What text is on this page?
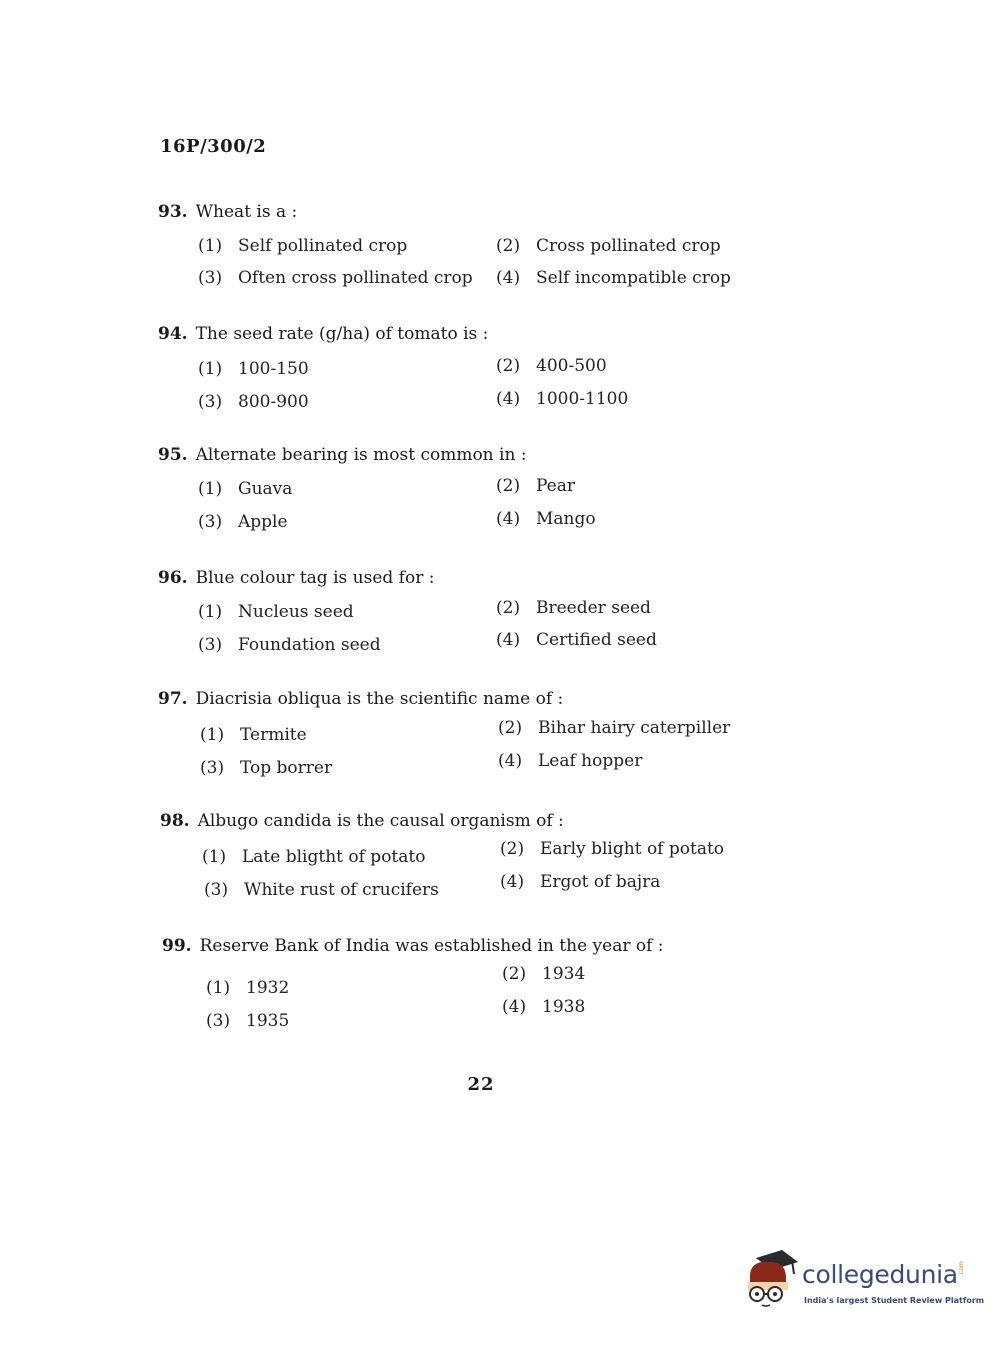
16P/300/2
93. Wheat is a :
(1) Self pollinated crop	(2) Cross pollinated crop
(3) Often cross pollinated crop (4) Self incompatible crop
94. The seed rate (g/ha) of tomato is :
(1) 100-150	(2) 400-500
(3) 800-900	(4) 1000-1100
95. Alternate bearing is most common in :
(1) Guava	(2) Pear
(3) Apple	(4) Mango
96. Blue colour tag is used for :
(1) Nucleus seed	(2) Breeder seed
(3) Foundation seed	(4) Certified seed
97. Diacrisia obliqua is the scientific name of :
(1) Termite	(2) Bihar hairy caterpiller
(3) Top borrer	(4) Leaf hopper
98. Albugo candida is the causal organism of :
(1) Late bligtht of potato	(2) Early blight of potato
(3) White rust of crucifers	(4) Ergot of bajra
99. Reserve Bank of India was established in the year of :
(1) 1932
(2) 1934
(3) 1935
(4) 1938
22
collegedunia .com
India's largest Student Review Platform
